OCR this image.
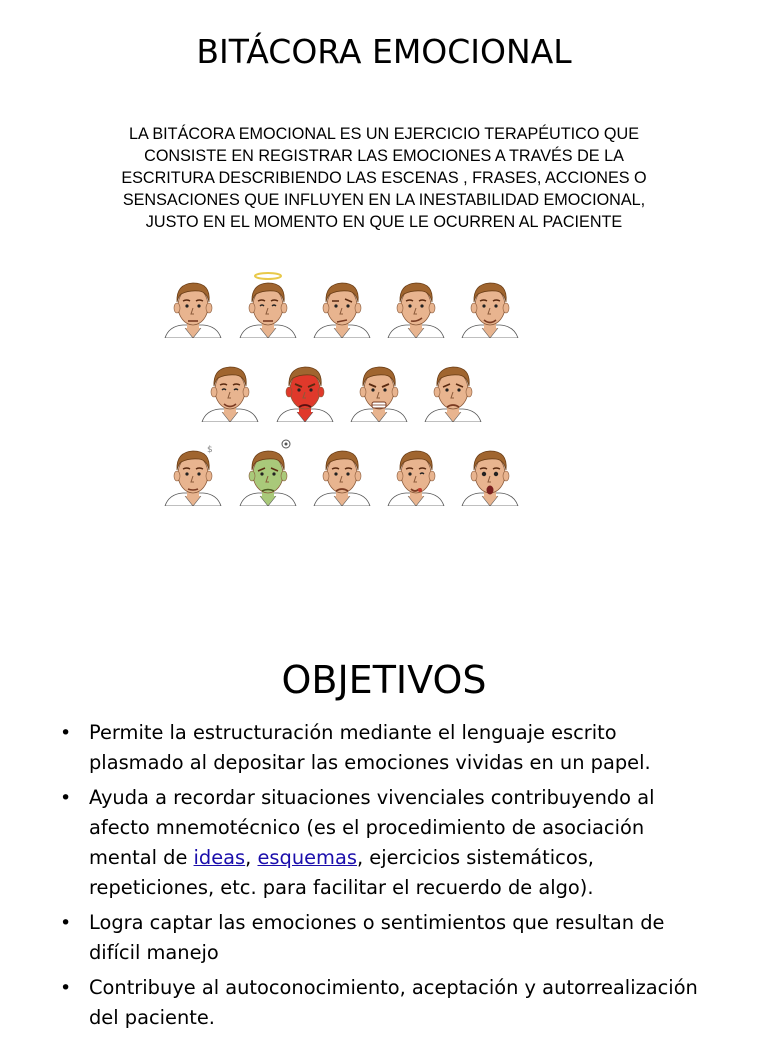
BITÁCORA EMOCIONAL
LA BITÁCORA EMOCIONAL ES UN EJERCICIO TERAPÉUTICO QUE
CONSISTE EN REGISTRAR LAS EMOCIONES A TRAVÉS DE LA
ESCRITURA DESCRIBIENDO LAS ESCENAS , FRASES, ACCIONES O
SENSACIONES QUE INFLUYEN EN LA INESTABILIDAD EMOCIONAL,
JUSTO EN EL MOMENTO EN QUE LE OCURREN AL PACIENTE
$
OBJETIVOS
• Permite la estructuración mediante el lenguaje escrito plasmado al depositar las emociones vividas en un papel.
• Ayuda a recordar situaciones vivenciales contribuyendo al afecto mnemotécnico (es el procedimiento de asociación mental de ideas, esquemas, ejercicios sistemáticos, repeticiones, etc. para facilitar el recuerdo de algo).
• Logra captar las emociones o sentimientos que resultan de difícil manejo
• Contribuye al autoconocimiento, aceptación y autorrealización del paciente.
